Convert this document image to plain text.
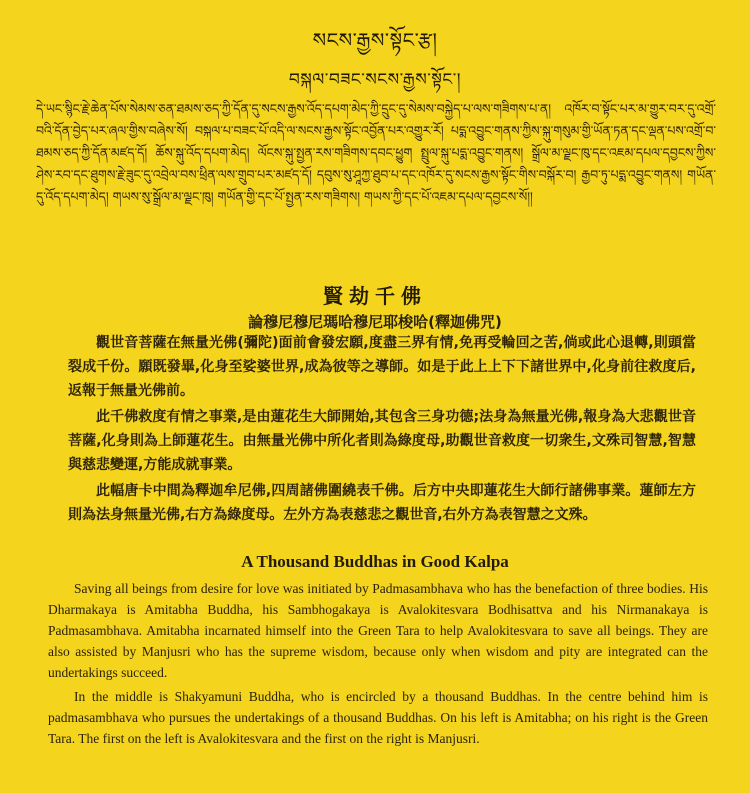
སངས་རྒྱས་སྟོང་རྩ།
བསྐལ་བཟང་སངས་རྒྱས་སྟོང་།
དེ་ཡང་སྙིང་རྗེ་ཆེན་པོས་སེམས་ཅན་ཐམས་ཅད་ཀྱི་དོན་དུ་སངས་རྒྱས་འོད་དཔག་མེད་ཀྱི་དྲུང་དུ་སེམས་བསྐྱེད་པ་ལས་གཟིགས་པ་ན། འཁོར་བ་སྟོང་པར་མ་གྱུར་བར་དུ་འགྲོ་བའི་དོན་བྱེད་པར་ཞལ་གྱིས་བཞེས་སོ། བསྐལ་པ་བཟང་པོ་འདི་ལ་སངས་རྒྱས་སྟོང་འབྱོན་པར་འགྱུར་རོ། པདྨ་འབྱུང་གནས་ཀྱིས་སྐུ་གསུམ་གྱི་ཡོན་ཏན་དང་ལྡན་པས་འགྲོ་བ་ཐམས་ཅད་ཀྱི་དོན་མཛད་དོ། ཆོས་སྐུ་འོད་དཔག་མེད། ལོངས་སྐུ་སྤྱན་རས་གཟིགས་དབང་ཕྱུག སྤྲུལ་སྐུ་པདྨ་འབྱུང་གནས། སྒྲོལ་མ་ལྗང་ཁུ་དང་འཇམ་དཔལ་དབྱངས་ཀྱིས་ཤེས་རབ་དང་ཐུགས་རྗེ་ཟུང་དུ་འབྲེལ་བས་ཕྲིན་ལས་གྲུབ་པར་མཛད་དོ། དབུས་སུ་ཤཱཀྱ་ཐུབ་པ་དང་འཁོར་དུ་སངས་རྒྱས་སྟོང་གིས་བསྐོར་བ། རྒྱབ་ཏུ་པདྨ་འབྱུང་གནས། གཡོན་དུ་འོད་དཔག་མེད། གཡས་སུ་སྒྲོལ་མ་ལྗང་ཁུ། གཡོན་གྱི་དང་པོ་སྤྱན་རས་གཟིགས། གཡས་ཀྱི་དང་པོ་འཇམ་དཔལ་དབྱངས་སོ།།
賢劫千佛
論穆尼穆尼瑪哈穆尼耶梭哈(釋迦佛咒)
觀世音菩薩在無量光佛(彌陀)面前會發宏願,度盡三界有情,免再受輪回之苦,倘或此心退轉,則頭當裂成千份。願既發畢,化身至娑婆世界,成為彼等之導師。如是于此上上下下諸世界中,化身前往救度后,返報于無量光佛前。
此千佛救度有情之事業,是由蓮花生大師開始,其包含三身功德;法身為無量光佛,報身為大悲觀世音菩薩,化身則為上師蓮花生。由無量光佛中所化者則為綠度母,助觀世音救度一切衆生,文殊司智慧,智慧與慈悲變運,方能成就事業。
此幅唐卡中間為釋迦牟尼佛,四周諸佛圍繞表千佛。后方中央即蓮花生大師行諸佛事業。蓮師左方則為法身無量光佛,右方為綠度母。左外方為表慈悲之觀世音,右外方為表智慧之文殊。
A Thousand Buddhas in Good Kalpa
Saving all beings from desire for love was initiated by Padmasambhava who has the benefaction of three bodies. His Dharmakaya is Amitabha Buddha, his Sambhogakaya is Avalokitesvara Bodhisattva and his Nirmanakaya is Padmasambhava. Amitabha incarnated himself into the Green Tara to help Avalokitesvara to save all beings. They are also assisted by Manjusri who has the supreme wisdom, because only when wisdom and pity are integrated can the undertakings succeed.
In the middle is Shakyamuni Buddha, who is encircled by a thousand Buddhas. In the centre behind him is padmasambhava who pursues the undertakings of a thousand Buddhas. On his left is Amitabha; on his right is the Green Tara. The first on the left is Avalokitesvara and the first on the right is Manjusri.
